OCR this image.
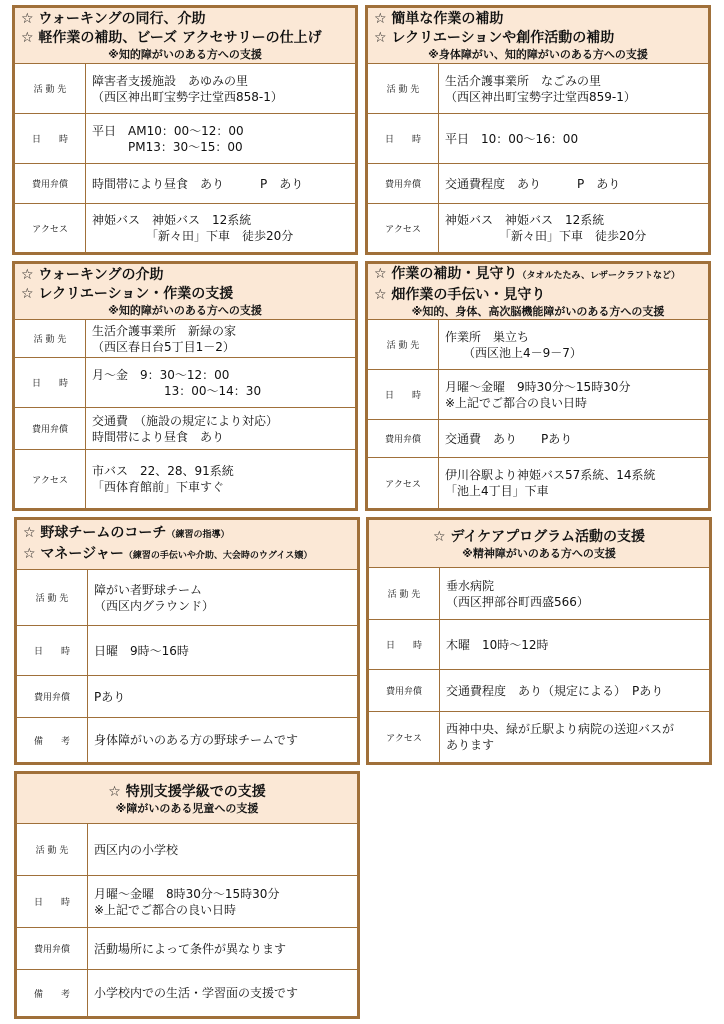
☆ ウォーキングの同行、介助
☆ 軽作業の補助、ビーズ アクセサリーの仕上げ
※知的障がいのある方への支援
活 動 先
障害者支援施設　あゆみの里
（西区神出町宝勢字辻堂西858-1）
日　　時
平日　AM10：00～12：00
　　　PM13：30～15：00
費用弁償	時間帯により昼食　あり　　　P　あり
アクセス
神姫バス　神姫バス　12系統
　　　　　「新々田」下車　徒歩20分
☆ 簡単な作業の補助
☆ レクリエーションや創作活動の補助
※身体障がい、知的障がいのある方への支援
活 動 先
生活介護事業所　なごみの里
（西区神出町宝勢字辻堂西859-1）
日　　時	平日　10：00～16：00
費用弁償	交通費程度　あり　　　P　あり
アクセス
神姫バス　神姫バス　12系統
　　　　　「新々田」下車　徒歩20分
☆ ウォーキングの介助
☆ レクリエーション・作業の支援
※知的障がいのある方への支援
活 動 先
生活介護事業所　新緑の家
（西区春日台5丁目1－2）
日　　時
月～金　9：30～12：00
　　　　　　13：00～14：30
費用弁償
交通費　（施設の規定により対応）
時間帯により昼食　あり
アクセス
市バス　22、28、91系統
「西体育館前」下車すぐ
☆ 作業の補助・見守り（タオルたたみ、レザークラフトなど）
☆ 畑作業の手伝い・見守り
※知的、身体、高次脳機能障がいのある方への支援
活 動 先
作業所　巣立ち
　　（西区池上4－9－7）
日　　時
月曜～金曜　9時30分～15時30分
※上記でご都合の良い日時
費用弁償	交通費　あり　　Pあり
アクセス
伊川谷駅より神姫バス57系統、14系統
「池上4丁目」下車
☆ 野球チームのコーチ（練習の指導）
☆ マネージャー（練習の手伝いや介助、大会時のウグイス嬢）
活 動 先
障がい者野球チーム
（西区内グラウンド）
日　　時	日曜　9時～16時
費用弁償	Pあり
備　　考	身体障がいのある方の野球チームです
☆ デイケアプログラム活動の支援
※精神障がいのある方への支援
活 動 先
垂水病院
（西区押部谷町西盛566）
日　　時	木曜　10時～12時
費用弁償	交通費程度　あり（規定による）　Pあり
アクセス
西神中央、緑が丘駅より病院の送迎バスが
あります
☆ 特別支援学級での支援
※障がいのある児童への支援
活 動 先	西区内の小学校
日　　時
月曜～金曜　8時30分～15時30分
※上記でご都合の良い日時
費用弁償	活動場所によって条件が異なります
備　　考	小学校内での生活・学習面の支援です
